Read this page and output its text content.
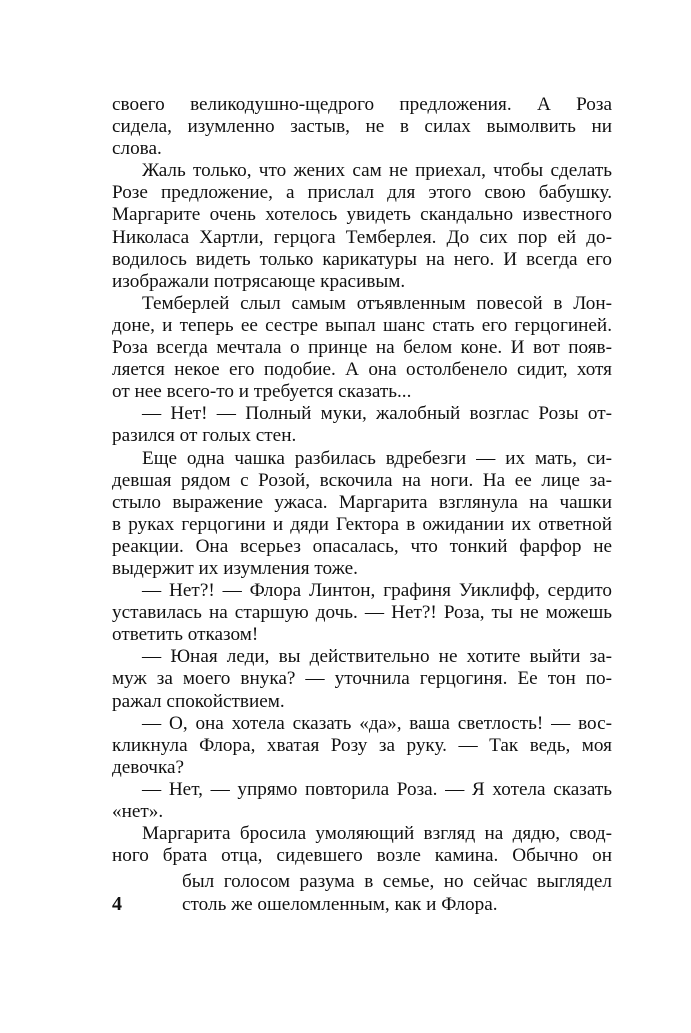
своего великодушно-щедрого предложения. А Роза
сидела, изумленно застыв, не в силах вымолвить ни
слова.
Жаль только, что жених сам не приехал, чтобы сделать
Розе предложение, а прислал для этого свою бабушку.
Маргарите очень хотелось увидеть скандально известного
Николаса Хартли, герцога Темберлея. До сих пор ей до-
водилось видеть только карикатуры на него. И всегда его
изображали потрясающе красивым.
Темберлей слыл самым отъявленным повесой в Лон-
доне, и теперь ее сестре выпал шанс стать его герцогиней.
Роза всегда мечтала о принце на белом коне. И вот появ-
ляется некое его подобие. А она остолбенело сидит, хотя
от нее всего-то и требуется сказать...
— Нет! — Полный муки, жалобный возглас Розы от-
разился от голых стен.
Еще одна чашка разбилась вдребезги — их мать, си-
девшая рядом с Розой, вскочила на ноги. На ее лице за-
стыло выражение ужаса. Маргарита взглянула на чашки
в руках герцогини и дяди Гектора в ожидании их ответной
реакции. Она всерьез опасалась, что тонкий фарфор не
выдержит их изумления тоже.
— Нет?! — Флора Линтон, графиня Уиклифф, сердито
уставилась на старшую дочь. — Нет?! Роза, ты не можешь
ответить отказом!
— Юная леди, вы действительно не хотите выйти за-
муж за моего внука? — уточнила герцогиня. Ее тон по-
ражал спокойствием.
— О, она хотела сказать «да», ваша светлость! — вос-
кликнула Флора, хватая Розу за руку. — Так ведь, моя
девочка?
— Нет, — упрямо повторила Роза. — Я хотела сказать
«нет».
Маргарита бросила умоляющий взгляд на дядю, свод-
ного брата отца, сидевшего возле камина. Обычно он
был голосом разума в семье, но сейчас выглядел
4	столь же ошеломленным, как и Флора.
